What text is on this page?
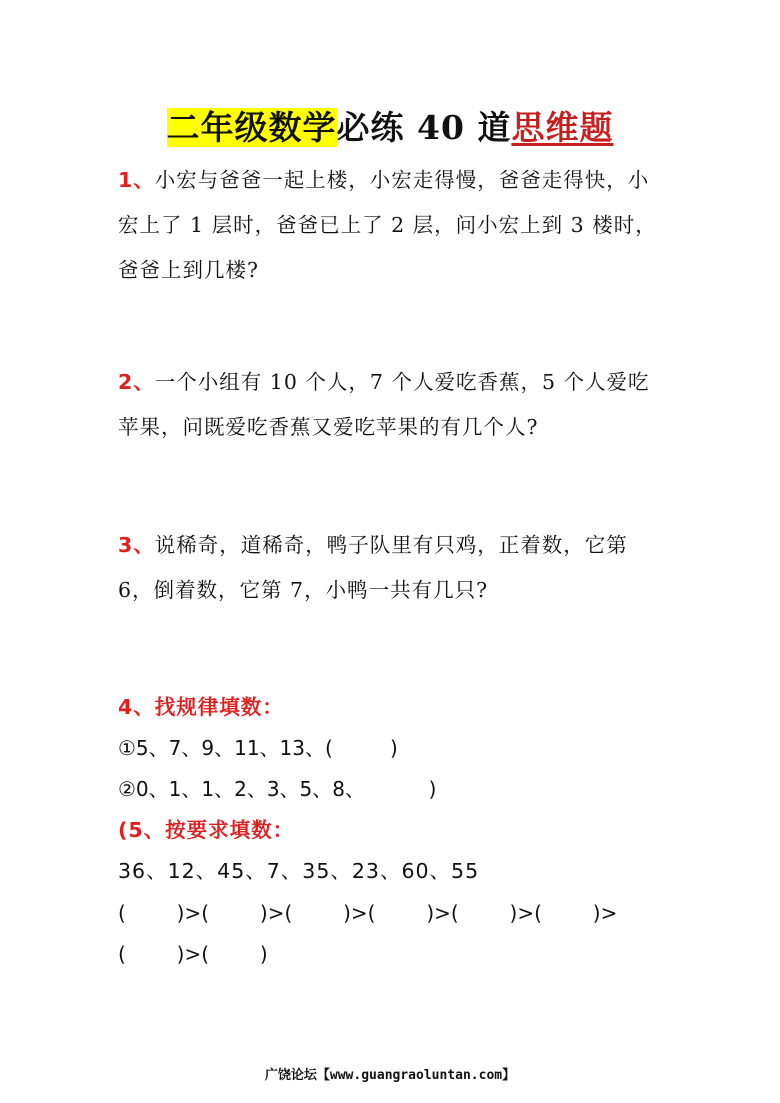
二年级数学必练 40 道思维题
1、小宏与爸爸一起上楼，小宏走得慢，爸爸走得快，小宏上了 1 层时，爸爸已上了 2 层，问小宏上到 3 楼时，爸爸上到几楼?
2、一个小组有 10 个人，7 个人爱吃香蕉，5 个人爱吃苹果，问既爱吃香蕉又爱吃苹果的有几个人?
3、说稀奇，道稀奇，鸭子队里有只鸡，正着数，它第 6，倒着数，它第 7，小鸭一共有几只?
4、找规律填数：
①5、7、9、11、13、(         )
②0、1、1、2、3、5、8、          )
(5、按要求填数：
36、12、45、7、35、23、60、55
(        )>(        )>(        )>(        )>(        )>(        )>
(        )>(        )
广饶论坛【www.guangraoluntan.com】
